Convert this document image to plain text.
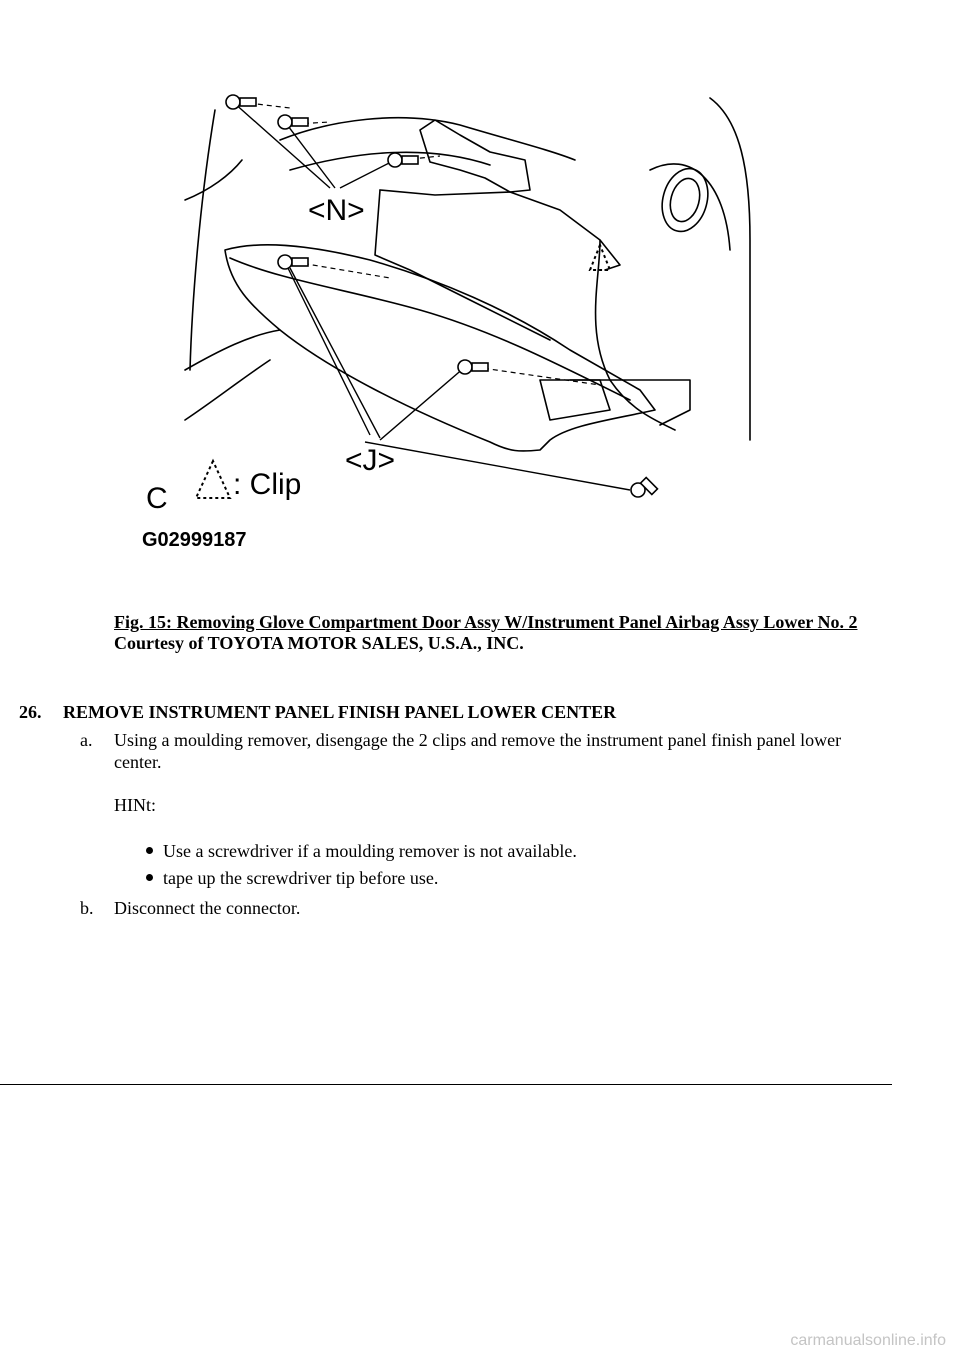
<N>
<J>
C : Clip
G02999187
Fig. 15: Removing Glove Compartment Door Assy W/Instrument Panel Airbag Assy Lower No. 2
Courtesy of TOYOTA MOTOR SALES, U.S.A., INC.
26. REMOVE INSTRUMENT PANEL FINISH PANEL LOWER CENTER
a.	Using a moulding remover, disengage the 2 clips and remove the instrument panel finish panel lower center.
HINt:
Use a screwdriver if a moulding remover is not available.
tape up the screwdriver tip before use.
b. Disconnect the connector.
carmanualsonline.info
